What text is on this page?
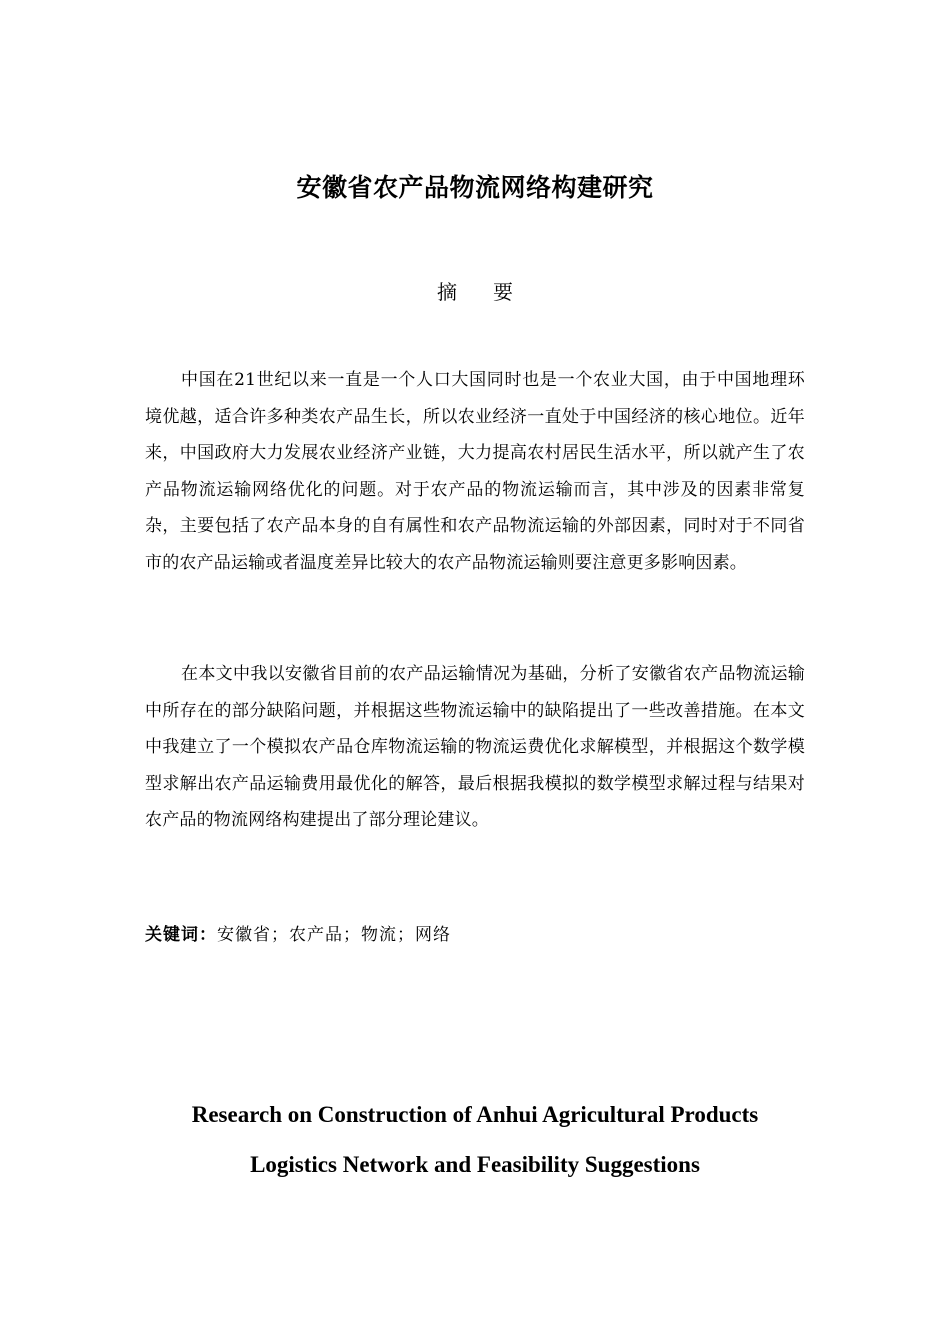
安徽省农产品物流网络构建研究
摘要

中国在21世纪以来一直是一个人口大国同时也是一个农业大国，由于中国地理环境优越，适合许多种类农产品生长，所以农业经济一直处于中国经济的核心地位。近年来，中国政府大力发展农业经济产业链，大力提高农村居民生活水平，所以就产生了农产品物流运输网络优化的问题。对于农产品的物流运输而言，其中涉及的因素非常复杂，主要包括了农产品本身的自有属性和农产品物流运输的外部因素，同时对于不同省市的农产品运输或者温度差异比较大的农产品物流运输则要注意更多影响因素。

在本文中我以安徽省目前的农产品运输情况为基础，分析了安徽省农产品物流运输中所存在的部分缺陷问题，并根据这些物流运输中的缺陷提出了一些改善措施。在本文中我建立了一个模拟农产品仓库物流运输的物流运费优化求解模型，并根据这个数学模型求解出农产品运输费用最优化的解答，最后根据我模拟的数学模型求解过程与结果对农产品的物流网络构建提出了部分理论建议。

关键词：安徽省；农产品；物流；网络
Research on Construction of Anhui Agricultural Products
Logistics Network and Feasibility Suggestions
